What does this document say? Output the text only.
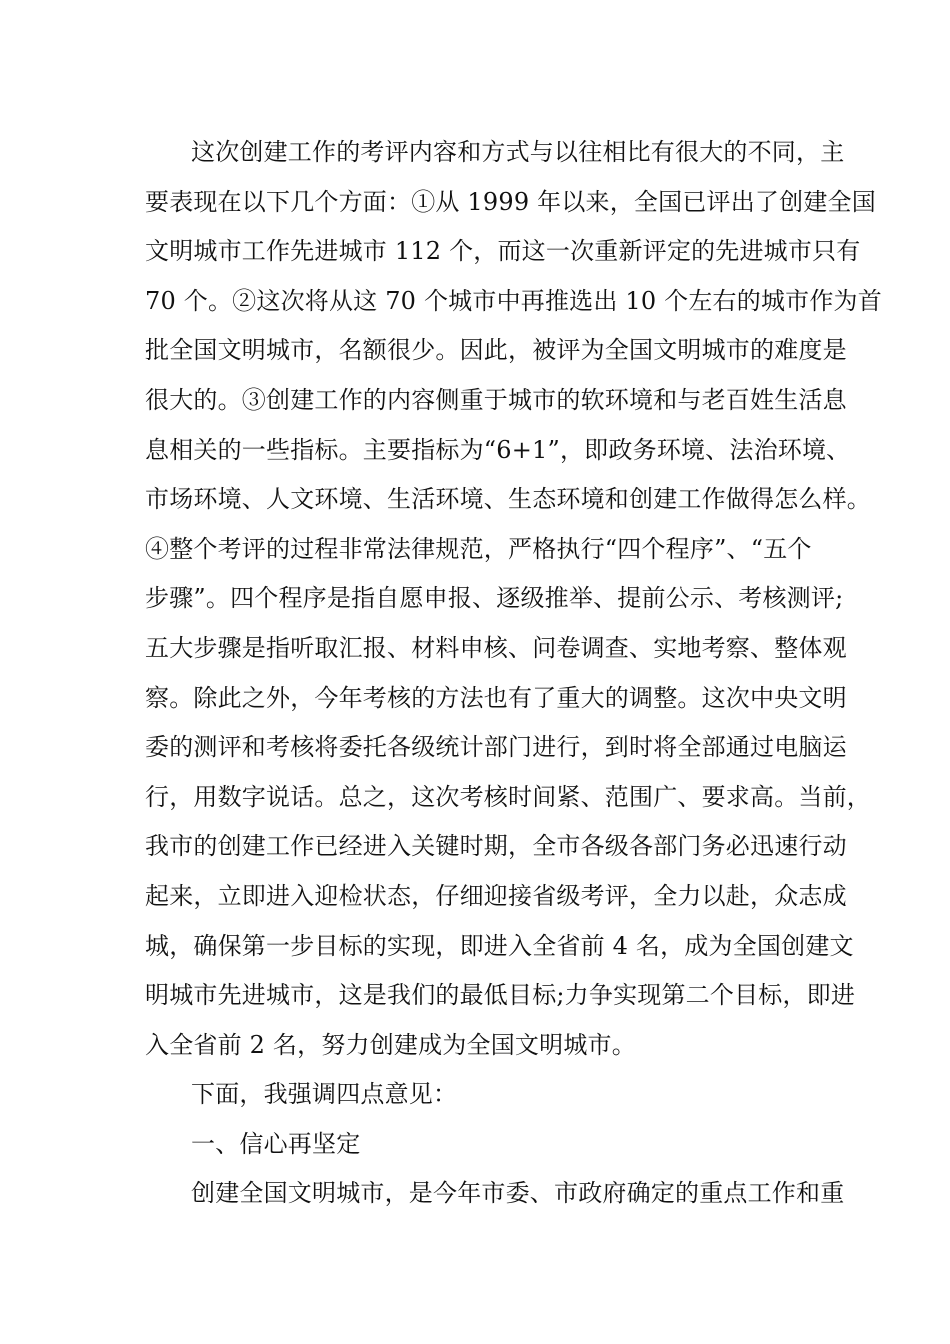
这次创建工作的考评内容和方式与以往相比有很大的不同，主
要表现在以下几个方面：①从 1999 年以来，全国已评出了创建全国
文明城市工作先进城市 112 个，而这一次重新评定的先进城市只有
70 个。②这次将从这 70 个城市中再推选出 10 个左右的城市作为首
批全国文明城市，名额很少。因此，被评为全国文明城市的难度是
很大的。③创建工作的内容侧重于城市的软环境和与老百姓生活息
息相关的一些指标。主要指标为“6+1”，即政务环境、法治环境、
市场环境、人文环境、生活环境、生态环境和创建工作做得怎么样。
④整个考评的过程非常法律规范，严格执行“四个程序”、“五个
步骤”。四个程序是指自愿申报、逐级推举、提前公示、考核测评;
五大步骤是指听取汇报、材料申核、问卷调查、实地考察、整体观
察。除此之外，今年考核的方法也有了重大的调整。这次中央文明
委的测评和考核将委托各级统计部门进行，到时将全部通过电脑运
行，用数字说话。总之，这次考核时间紧、范围广、要求高。当前，
我市的创建工作已经进入关键时期，全市各级各部门务必迅速行动
起来，立即进入迎检状态，仔细迎接省级考评，全力以赴，众志成
城，确保第一步目标的实现，即进入全省前 4 名，成为全国创建文
明城市先进城市，这是我们的最低目标;力争实现第二个目标，即进
入全省前 2 名，努力创建成为全国文明城市。
下面，我强调四点意见：
一、信心再坚定
创建全国文明城市，是今年市委、市政府确定的重点工作和重
